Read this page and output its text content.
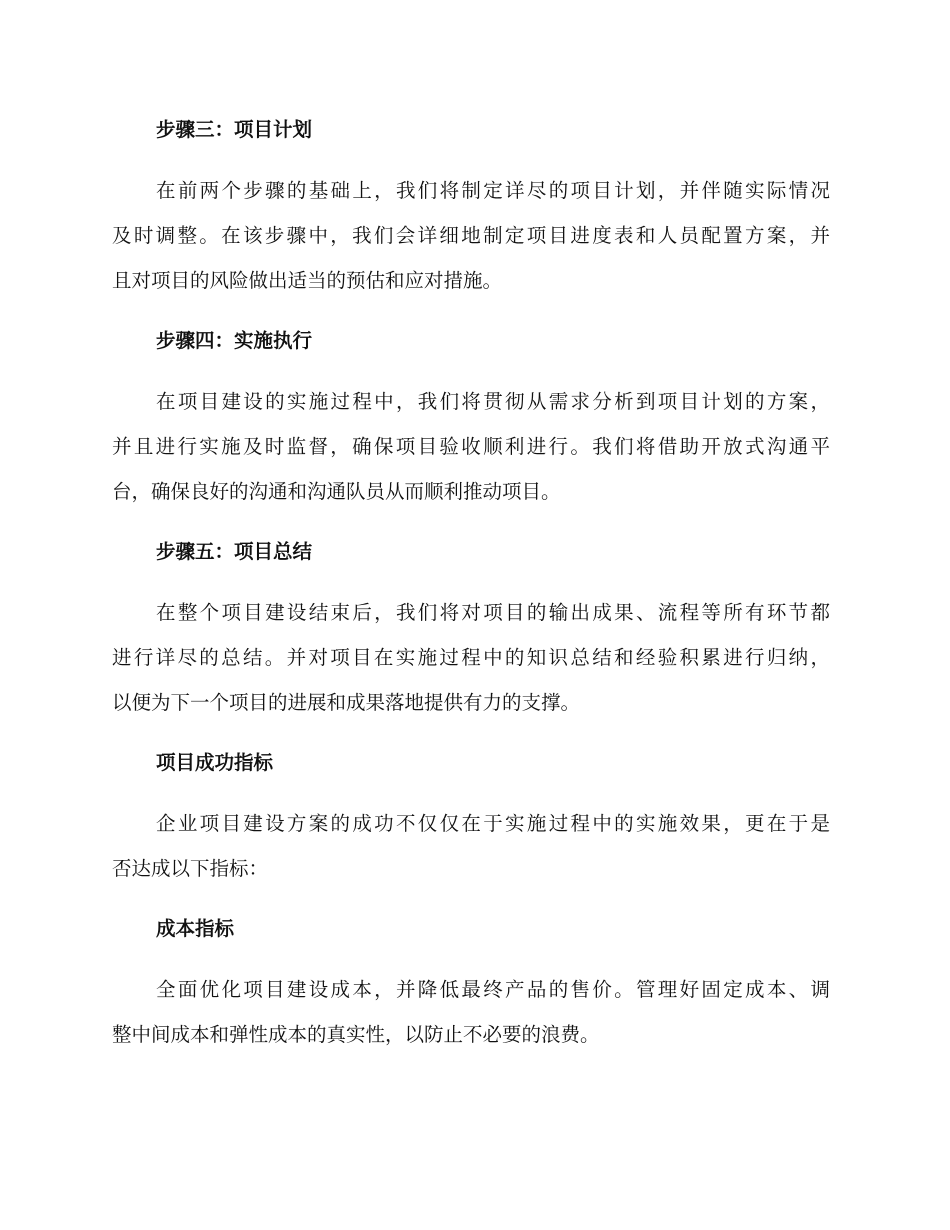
步骤三：项目计划
在前两个步骤的基础上，我们将制定详尽的项目计划，并伴随实际情况
及时调整。在该步骤中，我们会详细地制定项目进度表和人员配置方案，并
且对项目的风险做出适当的预估和应对措施。
步骤四：实施执行
在项目建设的实施过程中，我们将贯彻从需求分析到项目计划的方案，
并且进行实施及时监督，确保项目验收顺利进行。我们将借助开放式沟通平
台，确保良好的沟通和沟通队员从而顺利推动项目。
步骤五：项目总结
在整个项目建设结束后，我们将对项目的输出成果、流程等所有环节都
进行详尽的总结。并对项目在实施过程中的知识总结和经验积累进行归纳，
以便为下一个项目的进展和成果落地提供有力的支撑。
项目成功指标
企业项目建设方案的成功不仅仅在于实施过程中的实施效果，更在于是
否达成以下指标：
成本指标
全面优化项目建设成本，并降低最终产品的售价。管理好固定成本、调
整中间成本和弹性成本的真实性，以防止不必要的浪费。
